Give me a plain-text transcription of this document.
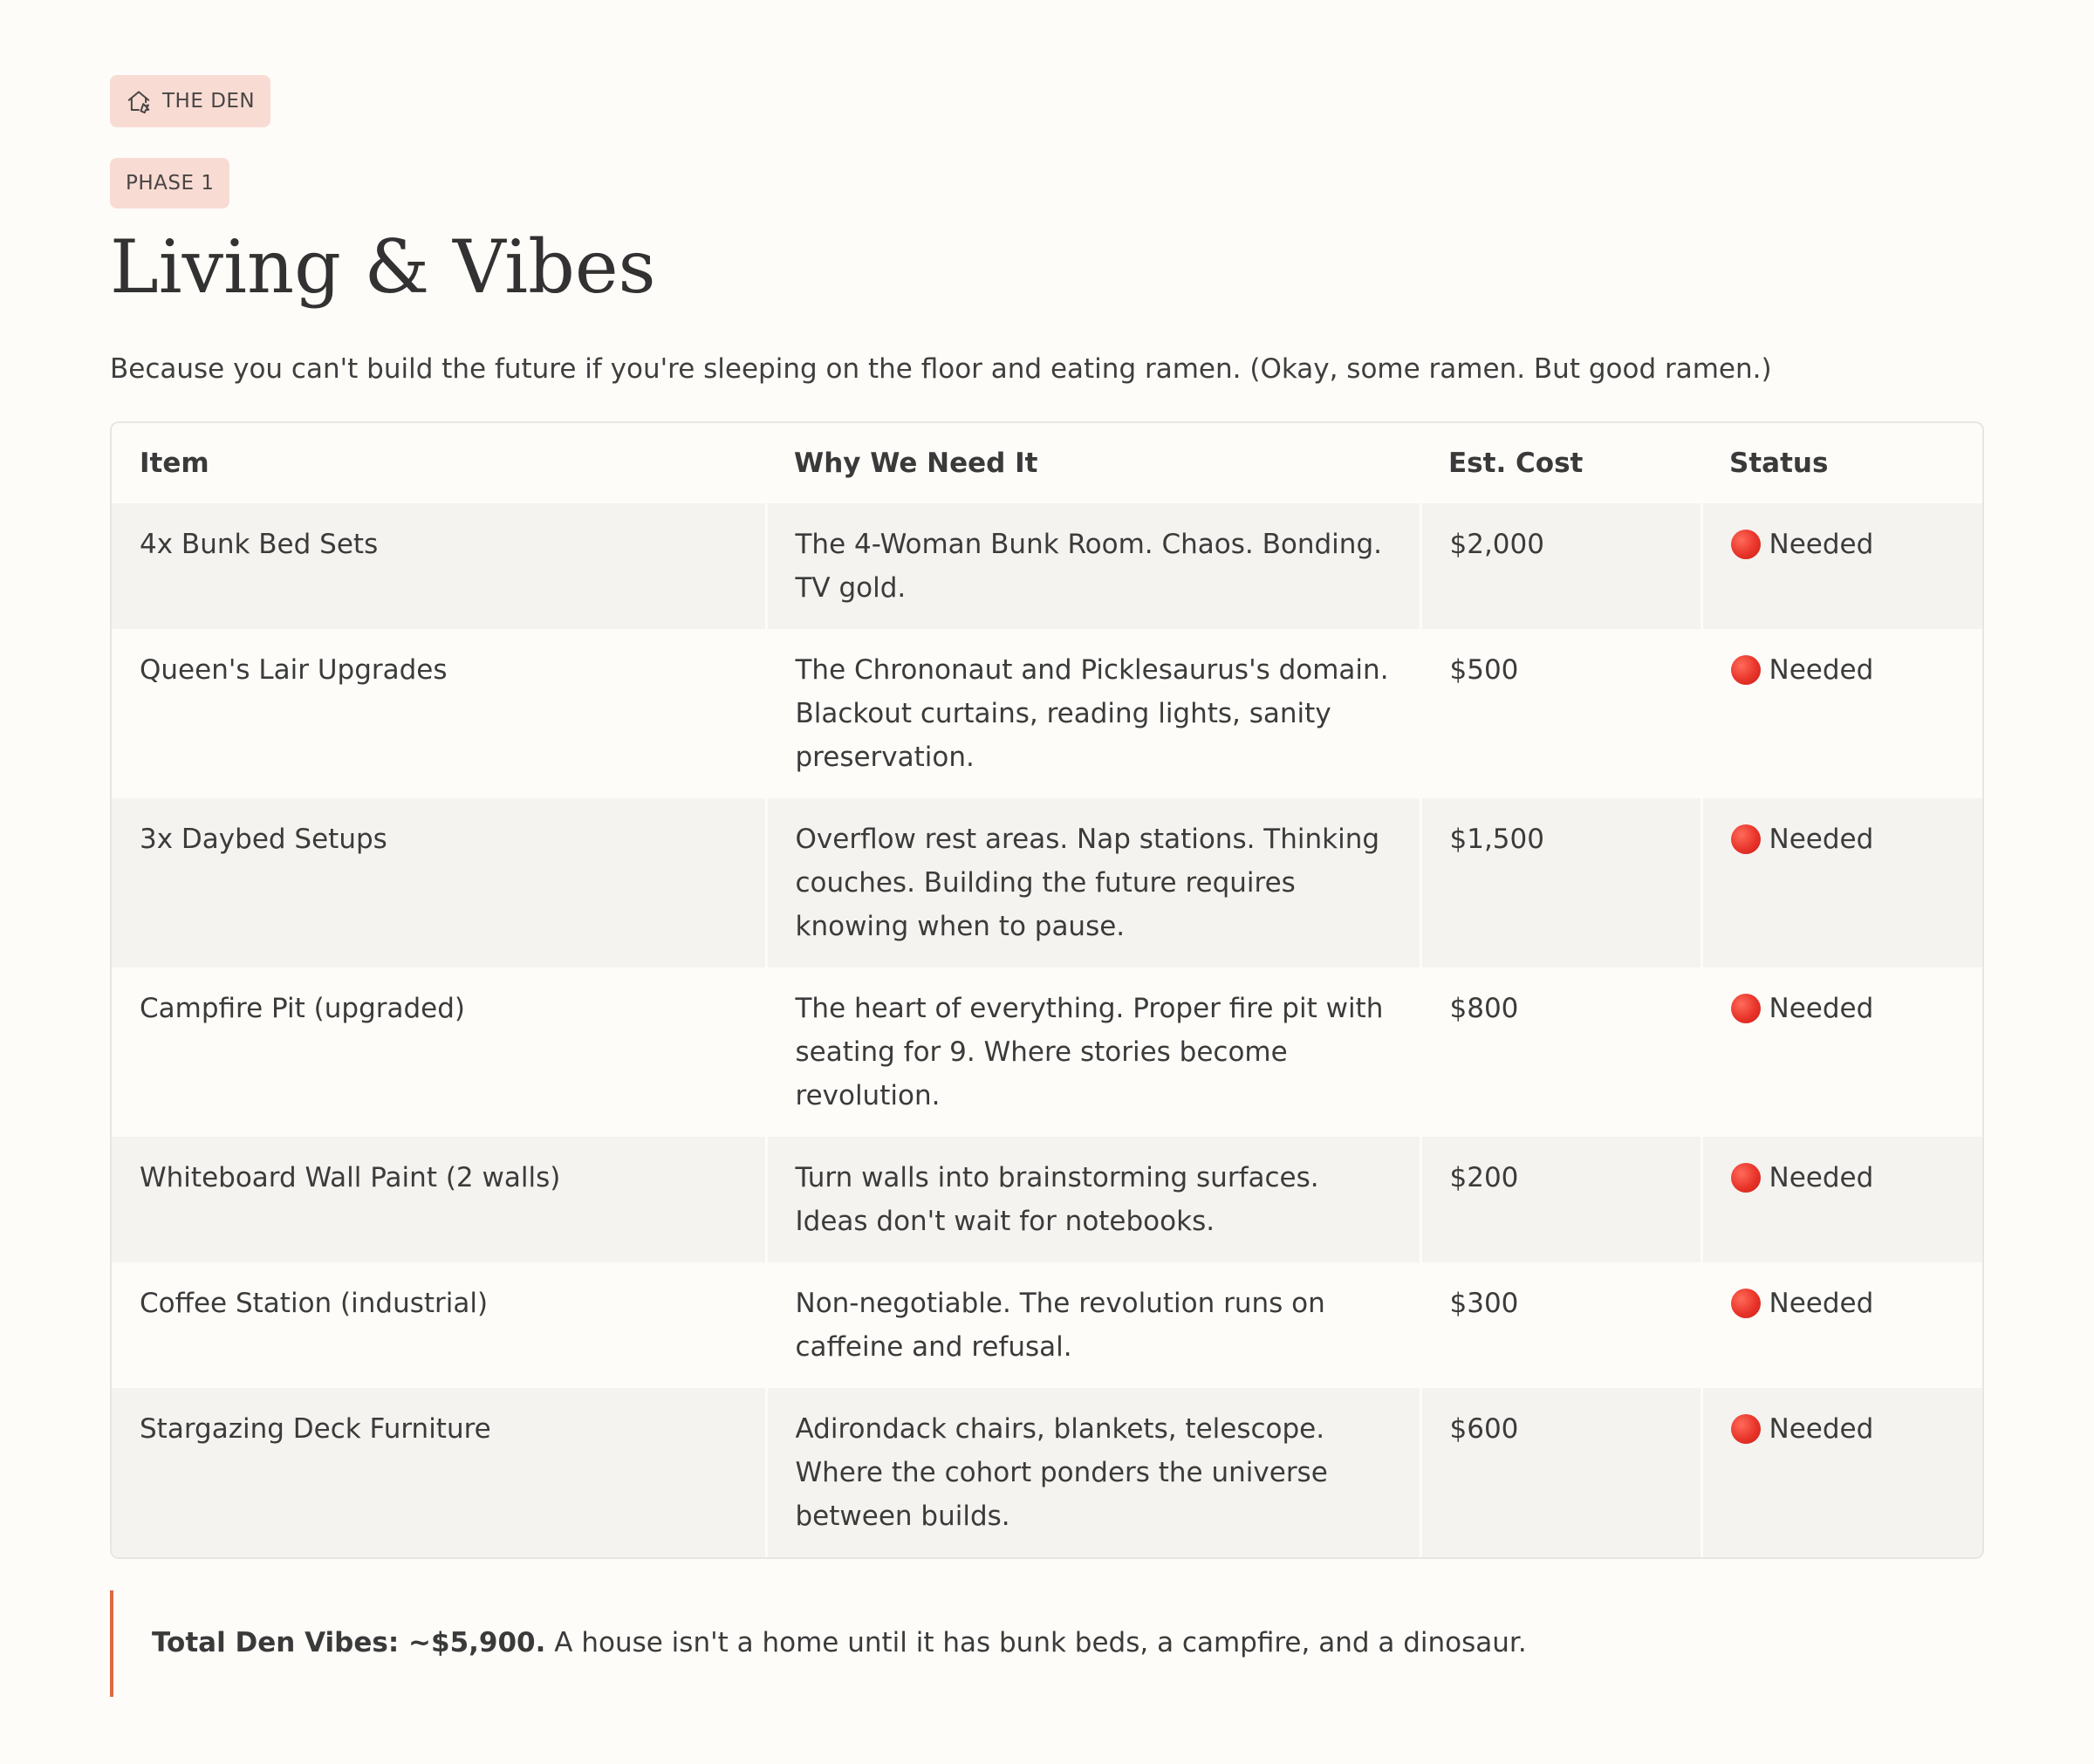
THE DEN
PHASE 1
Living & Vibes

Because you can't build the future if you're sleeping on the floor and eating ramen. (Okay, some ramen. But good ramen.)

Item	Why We Need It	Est. Cost	Status
4x Bunk Bed Sets	The 4-Woman Bunk Room. Chaos. Bonding. TV gold.	$2,000	Needed

Queen's Lair Upgrades	The Chrononaut and Picklesaurus's domain. Blackout curtains, reading lights, sanity preservation.	$500	Needed

3x Daybed Setups	Overflow rest areas. Nap stations. Thinking couches. Building the future requires knowing when to pause.	$1,500	Needed

Campfire Pit (upgraded)	The heart of everything. Proper fire pit with seating for 9. Where stories become revolution.	$800	Needed

Whiteboard Wall Paint (2 walls)	Turn walls into brainstorming surfaces. Ideas don't wait for notebooks.	$200	Needed

Coffee Station (industrial)	Non-negotiable. The revolution runs on caffeine and refusal.	$300	Needed

Stargazing Deck Furniture	Adirondack chairs, blankets, telescope. Where the cohort ponders the universe between builds.	$600	Needed
Total Den Vibes: ~$5,900. A house isn't a home until it has bunk beds, a campfire, and a dinosaur.
